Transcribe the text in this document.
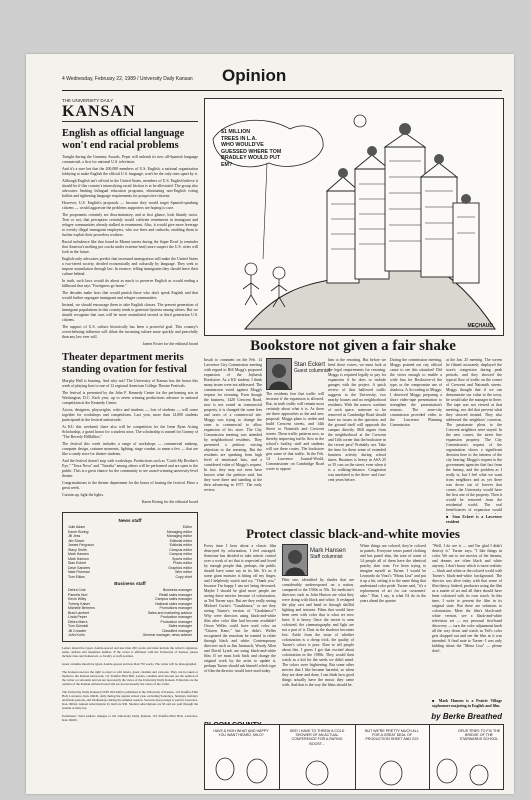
4 Wednesday, February 22, 1989 / University Daily Kansan Opinion
THE UNIVERSITY DAILY
KANSAN
English as official language won't end racial problems
Tonight during the Grammy Awards, Pepsi will unleash its new all-Spanish language commercial, a first for national U.S. television.
And it's a sure bet that the 200,000 members of U.S. English, a national organization lobbying to make English the official U.S. language, won't be the only ones upset by it.
Although English isn't official in the United States, members of U.S. English believe it should be if this country's intensifying racial friction is to be alleviated. The group also advocates limiting bilingual education programs, eliminating non-English voting ballots and tightening language requirements for prospective citizens.
However, U.S. English's proposals — because they would target Spanish-speaking citizens — would aggravate the problems supporters are hoping to cure.
The proponents certainly are discriminatory, and at first glance, look bluntly racist. True or not, that perception certainly would cultivate resentment in immigrant and refugee communities already stalked in resentment. Also, it would give more leverage to overtly illegal immigrant employers, who use fines and cutbacks, enabling them to further exploit their powerless workers.
Racial turbulence like that found in Miami streets during the Super Bowl (a reminder that America's melting pot cracks under extreme heat) more suspect the U.S. cities will look in the future.
English-only advocates predict that increased immigration will make the United States a two-tiered society, divided economically and culturally by language. They seek to impose assimilation through law. In essence, telling immigrants they should leave their culture behind.
In truth, such laws would do about as much to preserve English as would ending a billboard that says "Foreigners go home."
The decades make laws that would punish those who don't speak English and that would further segregate immigrant and refugee communities.
Instead, we should encourage them to take English classes. The present generation of immigrant populations in this country tends to generate hysteria among whites. But we should recognize that ours will be more assimilated second or third generation U.S. citizens.
The support of U.S. culture historically has been a powerful goal. This country's overwhelming influence will dilute the incoming culture more quickly and peacefully than any law ever will.
James Foster for the editorial board
Theater department merits standing ovation for festival
Murphy Hall is buzzing. And why not? The University of Kansas has the honor this week of playing host to one of 12 regional American College Theatre Festivals.
The festival is presented by the John F. Kennedy Center for the performing arts in Washington, D.C. Each year, up to seven winning productions advance to national competition at the Kennedy Center.
Actors, designers, playwrights, critics and students — lots of students — will come together for workshops and competitions. Last year, more than 14,000 students participated in the festival nationwide.
At KU this weekend, there also will be competition for the Irene Ryan Acting Scholarship, a grand honor for a student actor. The scholarship is named for Granny of "The Beverly Hillbillies."
The festival this week includes a range of workshops — commercial makeup, computer design, costume moments, lighting, stage combat, to name a few — that are like a candy store for theater students.
And the festival doesn't stop with workshops. Productions such as "Catch My Brother's Eye," "Terra Nova" and "Turtalia" among others will be performed and are open to the public. This is a great chance for the community to see award-winning university-level theater.
Congratulations to the theater department for the honor of hosting the festival. Have a great week.
Curtain up, light the lights.
Karen Boring for the editorial board
News staff
Julie Adam	Editor
Karen Boring	Managing editor
Jill Jess	Managing editor
Jim Stover	Editorial editor
James Ferguson	Editorial editor
Stacy Smith	Campus editor
Mark Hansen	Campus editor
Mark Hanson	Sports editor
Stan Eckert	Photo editor
Dave Sanders	Graphics editor
Nate Fishman	Wire editor
Tom Elkins	Copy chief
Business staff
Debra Cole	Business manager
Pamela Hurt	Retail sales manager
Kevin Wiley	Campus sales manager
Tommy Kaiser	National sales manager
Michelle Behrens	Promotions manager
Brad Lambert	Sales and marketing advisor
Linda Peper	Production manager
Debra Marrs	Production manager
Tom Schmidt	Sales manager
Jill Crowder	Classified manager
John Kuhn	General manager, news adviser
Letters should be typed, double-spaced and less than 200 words and must include the writer's signature, name, address and telephone number. If the writer is affiliated with the University of Kansas, please include class and hometown, or faculty or staff position.
Guest columns should be typed, double-spaced and less than 750 words. The writer will be photographed.
The Kansan reserves the right to reject or edit letters, guest columns and cartoons. They can be taken or mailed to the Kansan newsroom, 111 Stauffer-Flint Hall. Letters, columns and cartoons are the opinion of the writer or cartoonist and are not necessarily the views of the University Daily Kansan. Editorials are the opinion of the Kansan editorial board and are not necessarily the views of the writer.
The University Daily Kansan (USPS 650-640) is published at the University of Kansas, 119 Stauffer-Flint Hall, Lawrence, Kan. 66045, daily during the regular school year, excluding Saturdays, Sundays, holidays and finals periods, and Wednesdays during the summer session. Second-class postage is paid in Lawrence, Kan. 66044. Annual subscriptions by mail are $30. Student subscriptions are $3 and are paid through the student activity fee.
Postmaster: Send address changes to the University Daily Kansan, 119 Stauffer-Flint Hall, Lawrence, Kan. 66045.
$1 MILLION
TREES IN L.A.
WHO WOULD'VE
GUESSED WHERE TOM
BRADLEY WOULD PUT
EM?
MEÇHAUD
Bookstore not given a fair shake
Insult to comment on the Feb. 14 Lawrence City Commission meeting with regard to Bill Mogg's proposed expansion of the Jayhawk Bookstore. As a KU student, I think many issues were not addressed. The commission voted against Mogg's request for rezoning. Even though the business, 1420 Crescent Road, now is not zoned as commercial property, it is changed the same fees and taxes of a commercial site. Moggs was trying to change the zone to commercial to allow expansion of his store. The City Commission meeting was attended by neighborhood residents. They presented a petition voicing objection to the rezoning. But the residents are speaking from high level of emotional bias, and a considered value of Moggs's request. In fact, they may not even have known what the petition said, but they were there and standing at the then advancing in 1977. The early review.
Stan Eckert
Guest columnist
The residents fear that traffic will increase if the expansion is allowed. But, in truth traffic will remain most certainly about what it is. As there are three approaches to the and new proposal. Moggs plans to widen and build Crescent streets, and 14th Street to Naismith and Crescent streets. These traffic patterns now, as thereby improving traffic flow in the school's facility, staff and students will use these routes. The bookstore gets some of that traffic. In the Feb. 14 Lawrence Journal-World, Commissioner on Cambridge Road wrote to oppose
him to the rezoning. But before we heed those voices, we must look at the legal requirements for rezoning. Moggs is required legally to pay for expansion if he does to include garages with the project. A quick review of that hallowed traffic suggests to the University, two nearby houses and no neighborhood residents. With the narrow confines of such space, someone so far removed as Cambridge Road should have no issues in the question, and the ground itself will approach the campus directly. Mill argues from the neighborhood at the Crescent and 14th corner that the bookstore in the recent past? Probably not. Take the time for these sense of extended business activity during school times. Business is heavy in ASA 25 or 35 cars on the street, even when it is a walking-distance. Congestion was unrelated to the three- and four-cent years before.
During the commission meeting, Moggs pointed out city official cause to see this situation? Did the views enough to enable a wide fuss for Bookstore-of the type, or the compromise use of shadows. A According to Moggs: I observed Moggs preparing a short video-tape presentation to strengthen the presentation's reasons. The zone-city commission provided video to the Lawrence Planning Commission
at the Jan. 25 meeting. The screen he filmed accurately displayed the store's congestion during peak periods, and they showed the typical flow of traffic on the corner of Crescent and Naismith streets. Moggs thought that if we can demonstrate our value to the town, he would take the manager in there. The tape was not viewed at that meeting, nor did that prevent what they showed instead. They also addressed the neighbors' concerns. The passionate pleas to the Crescent neighbors were stayed. In the new corner, the street line expansion property. The City Commission's request of the organization shows a significant decision here to the fairness of the city hearing. Moggs's request to the government agencies that fact from the fantasy, and the problem as I really is; but I feel what we want from neighbors and as yet there was drove out of forever that corner, the University would have the first one of the property. Then it would be removed from the residential world. The real beneficiaries of expansion would
■ Stan Eckert is a Lawrence resident
Protect classic black-and-white movies
Every time I hear about a classic film destroyed by colorization, I feel outraged. Someone has decided to take artistic control over a work of art that is respected and loved by enough people that, perhaps, the public should have some say in its life. It's as if some giant monster is biting off my finger, and I helplessly watch and cry, "Thank you," because I'm happy I am not being devoured. Maybe I should be glad more people are seeing these movies because of colorization, as Ted Turner says. But are they really seeing Michael Curtiz's "Casablanca," or are they seeing Turner's version of "Casablanca"? Why were directors using black-and-white film after color film had become available? Orson Welles could have used color on "Citizen Kane," but he didn't. Welles recognized the emotions he wanted to relate through black and white. Contemporary directors such as Jim Jarmusch, Woody Allen and David Lynch are using black-and-white film. If we must look back and change the original work by the artist to update it, perhaps Turner should ask himself which type of film the director would have used today.
Mark Hansen
Staff columnist
Film one, identified by shades that are considerably underexposed on a nation, compared to the 1940s or 50s. Tot medicine's directors such as John Huston are what they were doing with black and white. It reshaped the play cast and hand in through skillful lighting and textures. Films that would have been seen with color that is what we now have. It is heavy. Once the movie is seen colorized, the cinematography and light are not a part of it. Dust in the shadows becomes lost. Aside from the issue of whether colorization is a cheap trick, the quality of Turner's colors is poor. Dare to tell people about this. I guess I got that excited about colorization in the 1980s. They would then watch as a kid for the seeds we didn't mind. The colors were frightening. But some other movies that I like became harmful, so when they are done and done, I can think how good things actually have the music they came with. And that is the way the films should be.
When things are colored, they're colored in pastels. Everyone wears pastel clothing and has pastel skin, the tone of some of 14 people all of them have the identical peachy skin tone. I've been trying to imagine myself as Turner. I would be Leonardo da Vinci's "Mona Lisa" and put it up a bit, setting it to the same thing that understand color pride. Turner said, "it's a replacement of art for our customers' sake." That, I say, is what I'd do in the years ahead the quarter
"Well, I do see it — and I'm glad I didn't destroy it." Turner says, "I like things in color. We use to see movies of the dreams, and dreams are often black and white anyway. I don't know which is more realistic — black and white or the colored world with Turner's black-and-white background. The director was alive today with that sense of film theory. Indeed, producers using the film as a matter of art and all there should have been colorized with its own touch. In this time, I write to present the film in its original state. But there are solutions to colorization. Meet the film's black-and-white version, see a black-and-white television set — my personal first-hand discovery — turn the color adjustment knob all the way down and watch as Ted's color gets dropped out and see the film as it was intended. A final note to Turner: I was only kidding about the "Mona Lisa" — please don't.
■ Mark Hansen is a Prairie Village sophomore majoring in English and film.
by Berke Breathed
HAVE A HIGH WHAT AND HAPPY YOU WANT HEARD, MILO?
SEE! I HAVE TO THREW A COLD SHOWER OF AN ACTUAL CONFERENCE FOR A RATING BOOST...
BUT WE'RE PRETTY MUCH ALL FOR A GREAT DEAL OF PRODUCTION SHEET AND GO!
OPUS TRIES TO FIX THE BRIDGE OF THE STARWARDS SCHOOL
